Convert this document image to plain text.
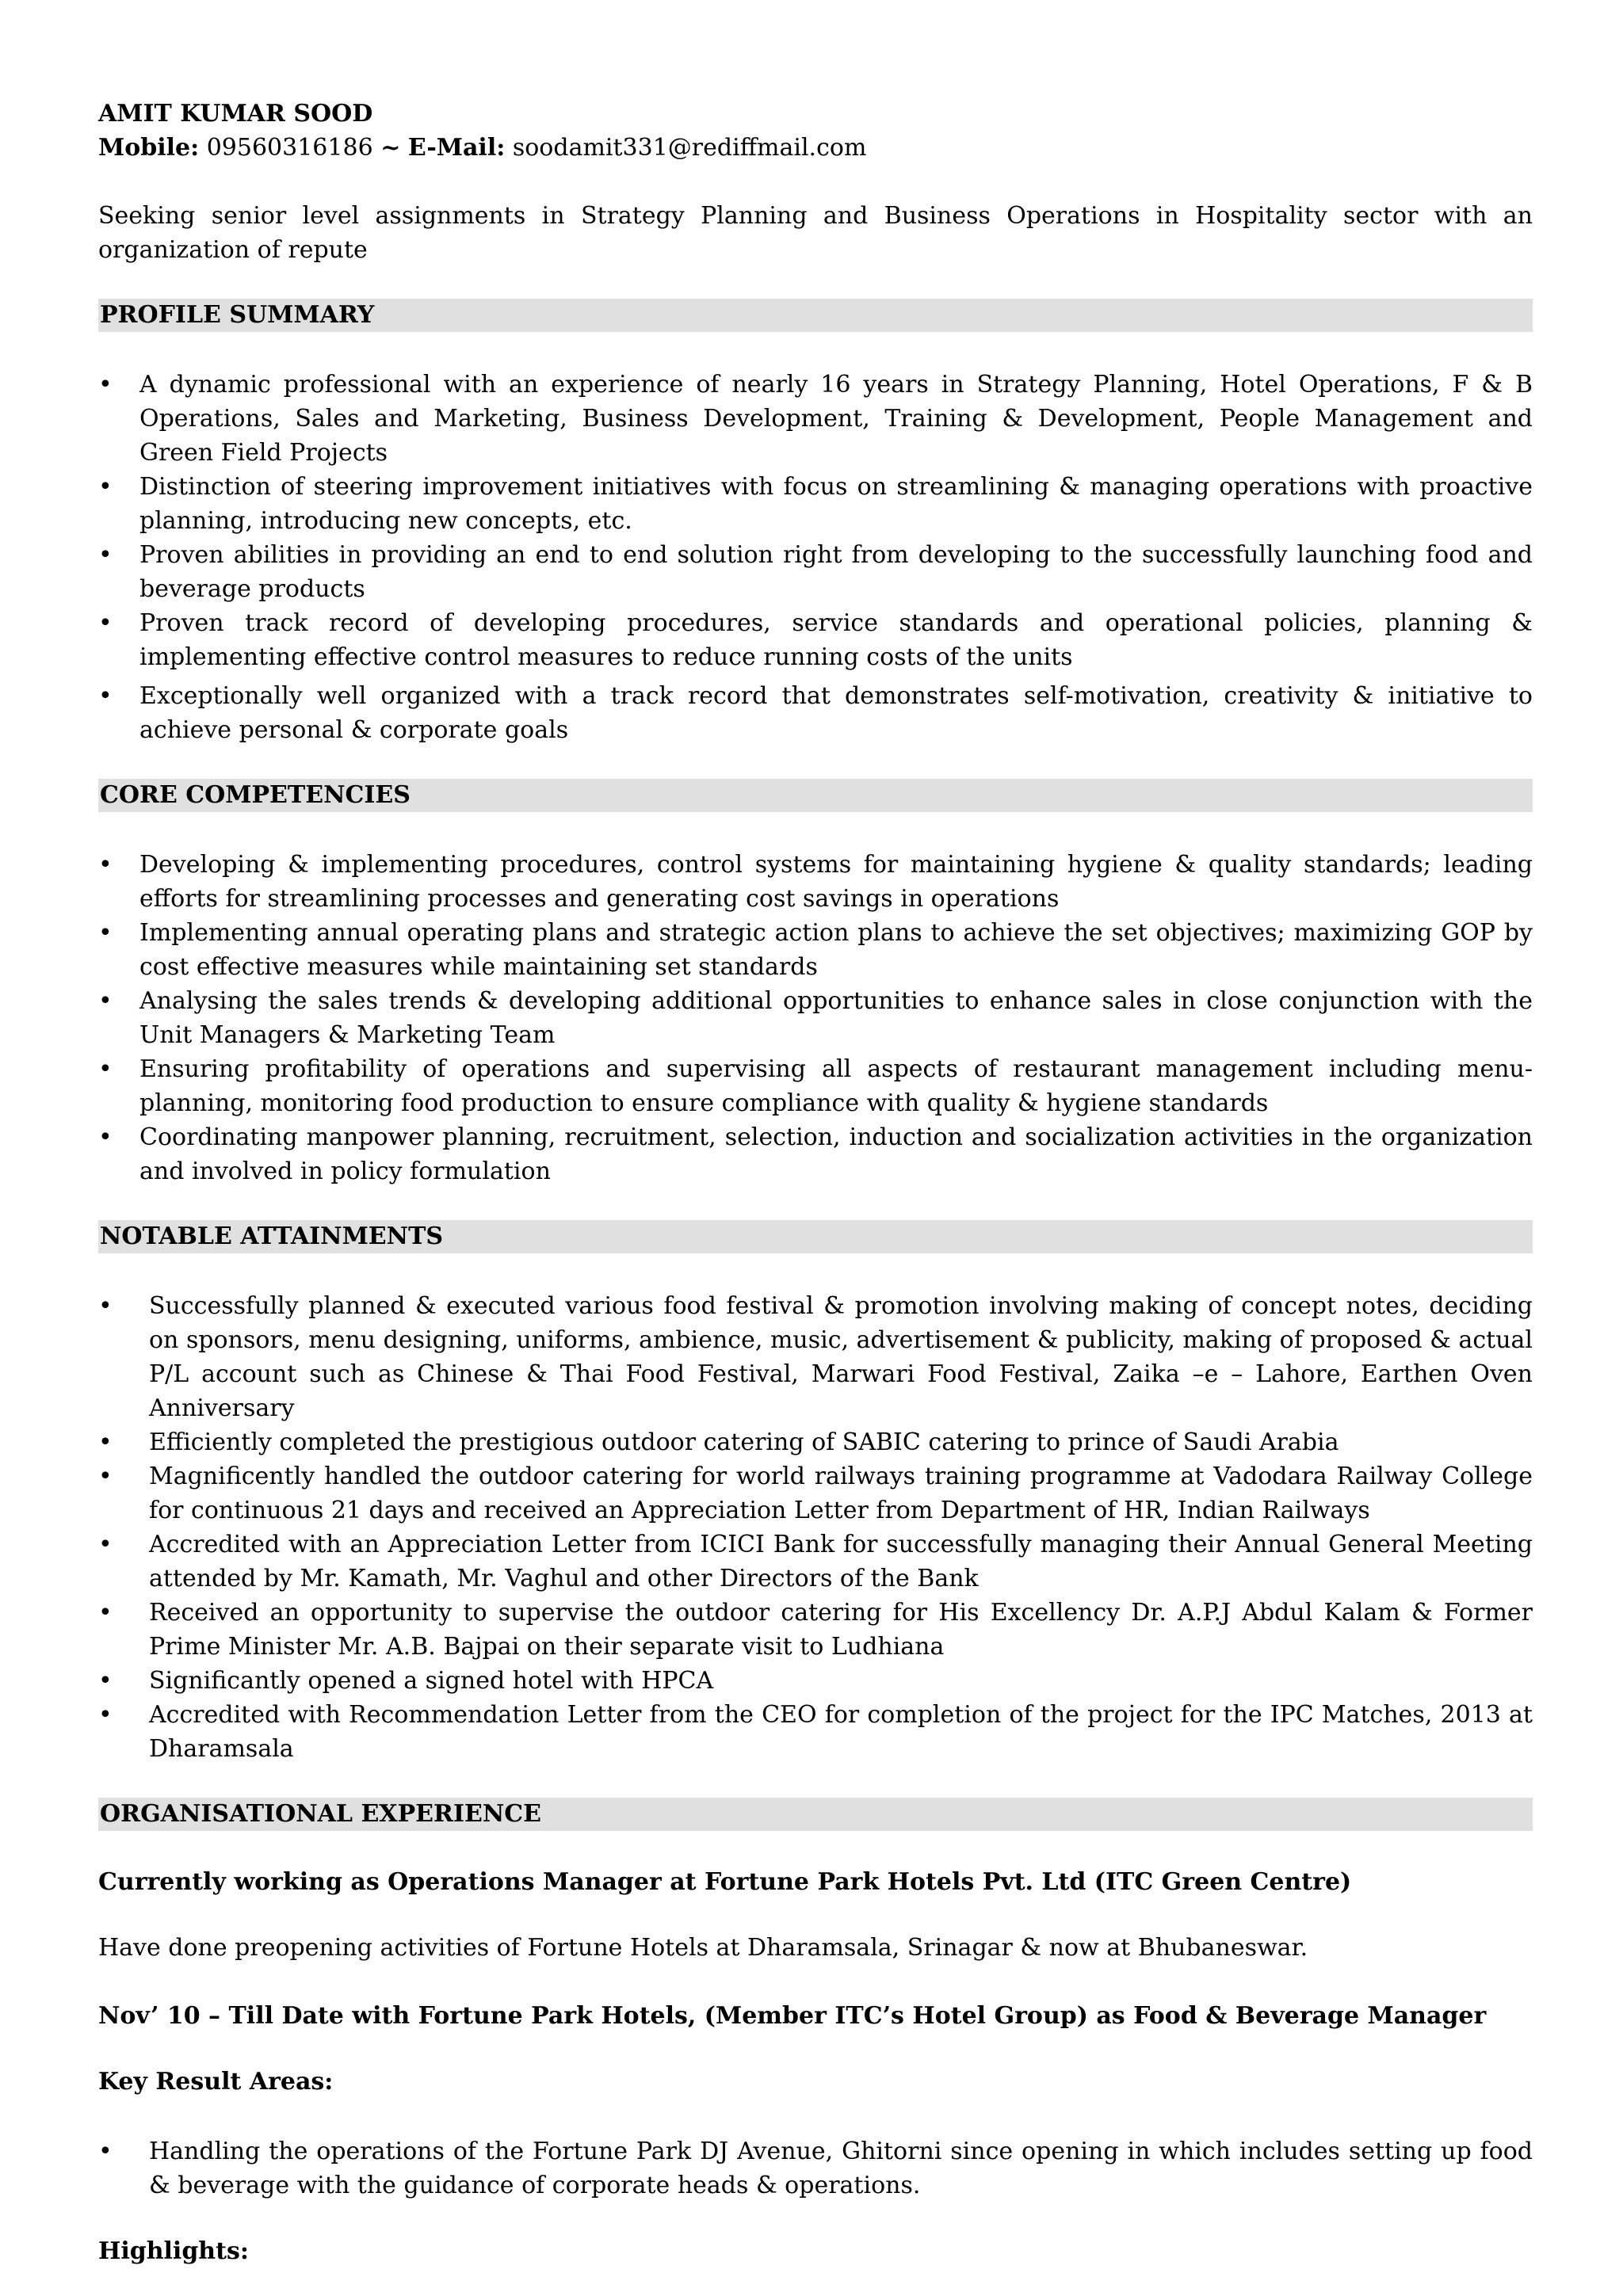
AMIT KUMAR SOOD
Mobile: 09560316186 ~ E-Mail: soodamit331@rediffmail.com
Seeking senior level assignments in Strategy Planning and Business Operations in Hospitality sector with an organization of repute
PROFILE SUMMARY
• A dynamic professional with an experience of nearly 16 years in Strategy Planning, Hotel Operations, F & B Operations, Sales and Marketing, Business Development, Training & Development, People Management and Green Field Projects
• Distinction of steering improvement initiatives with focus on streamlining & managing operations with proactive planning, introducing new concepts, etc.
• Proven abilities in providing an end to end solution right from developing to the successfully launching food and beverage products
• Proven track record of developing procedures, service standards and operational policies, planning & implementing effective control measures to reduce running costs of the units
• Exceptionally well organized with a track record that demonstrates self-motivation, creativity & initiative to achieve personal & corporate goals
CORE COMPETENCIES
• Developing & implementing procedures, control systems for maintaining hygiene & quality standards; leading efforts for streamlining processes and generating cost savings in operations
• Implementing annual operating plans and strategic action plans to achieve the set objectives; maximizing GOP by cost effective measures while maintaining set standards
• Analysing the sales trends & developing additional opportunities to enhance sales in close conjunction with the Unit Managers & Marketing Team
• Ensuring profitability of operations and supervising all aspects of restaurant management including menu-planning, monitoring food production to ensure compliance with quality & hygiene standards
• Coordinating manpower planning, recruitment, selection, induction and socialization activities in the organization and involved in policy formulation
NOTABLE ATTAINMENTS
• Successfully planned & executed various food festival & promotion involving making of concept notes, deciding on sponsors, menu designing, uniforms, ambience, music, advertisement & publicity, making of proposed & actual P/L account such as Chinese & Thai Food Festival, Marwari Food Festival, Zaika –e – Lahore, Earthen Oven Anniversary
• Efficiently completed the prestigious outdoor catering of SABIC catering to prince of Saudi Arabia
• Magnificently handled the outdoor catering for world railways training programme at Vadodara Railway College for continuous 21 days and received an Appreciation Letter from Department of HR, Indian Railways
• Accredited with an Appreciation Letter from ICICI Bank for successfully managing their Annual General Meeting attended by Mr. Kamath, Mr. Vaghul and other Directors of the Bank
• Received an opportunity to supervise the outdoor catering for His Excellency Dr. A.P.J Abdul Kalam & Former Prime Minister Mr. A.B. Bajpai on their separate visit to Ludhiana
• Significantly opened a signed hotel with HPCA
• Accredited with Recommendation Letter from the CEO for completion of the project for the IPC Matches, 2013 at Dharamsala
ORGANISATIONAL EXPERIENCE
Currently working as Operations Manager at Fortune Park Hotels Pvt. Ltd (ITC Green Centre)
Have done preopening activities of Fortune Hotels at Dharamsala, Srinagar & now at Bhubaneswar.
Nov’ 10 – Till Date with Fortune Park Hotels, (Member ITC’s Hotel Group) as Food & Beverage Manager
Key Result Areas:
• Handling the operations of the Fortune Park DJ Avenue, Ghitorni since opening in which includes setting up food & beverage with the guidance of corporate heads & operations.
Highlights:
